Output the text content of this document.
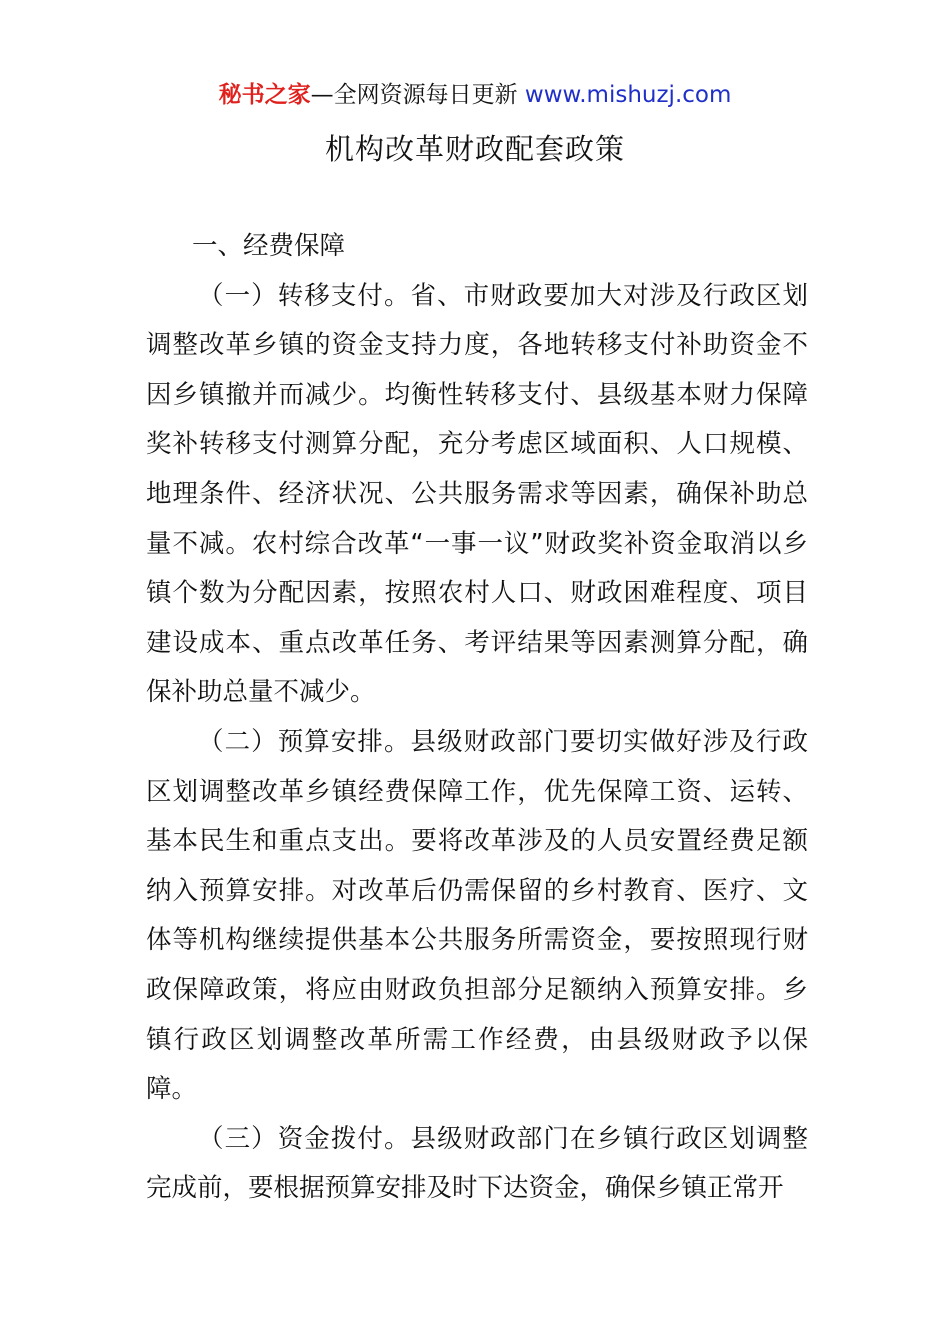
秘书之家—全网资源每日更新 www.mishuzj.com
机构改革财政配套政策
一、经费保障

（一）转移支付。省、市财政要加大对涉及行政区划调整改革乡镇的资金支持力度，各地转移支付补助资金不因乡镇撤并而减少。均衡性转移支付、县级基本财力保障奖补转移支付测算分配，充分考虑区域面积、人口规模、地理条件、经济状况、公共服务需求等因素，确保补助总量不减。农村综合改革“一事一议”财政奖补资金取消以乡镇个数为分配因素，按照农村人口、财政困难程度、项目建设成本、重点改革任务、考评结果等因素测算分配，确保补助总量不减少。

（二）预算安排。县级财政部门要切实做好涉及行政区划调整改革乡镇经费保障工作，优先保障工资、运转、基本民生和重点支出。要将改革涉及的人员安置经费足额纳入预算安排。对改革后仍需保留的乡村教育、医疗、文体等机构继续提供基本公共服务所需资金，要按照现行财政保障政策，将应由财政负担部分足额纳入预算安排。乡镇行政区划调整改革所需工作经费，由县级财政予以保障。

（三）资金拨付。县级财政部门在乡镇行政区划调整完成前，要根据预算安排及时下达资金，确保乡镇正常开
